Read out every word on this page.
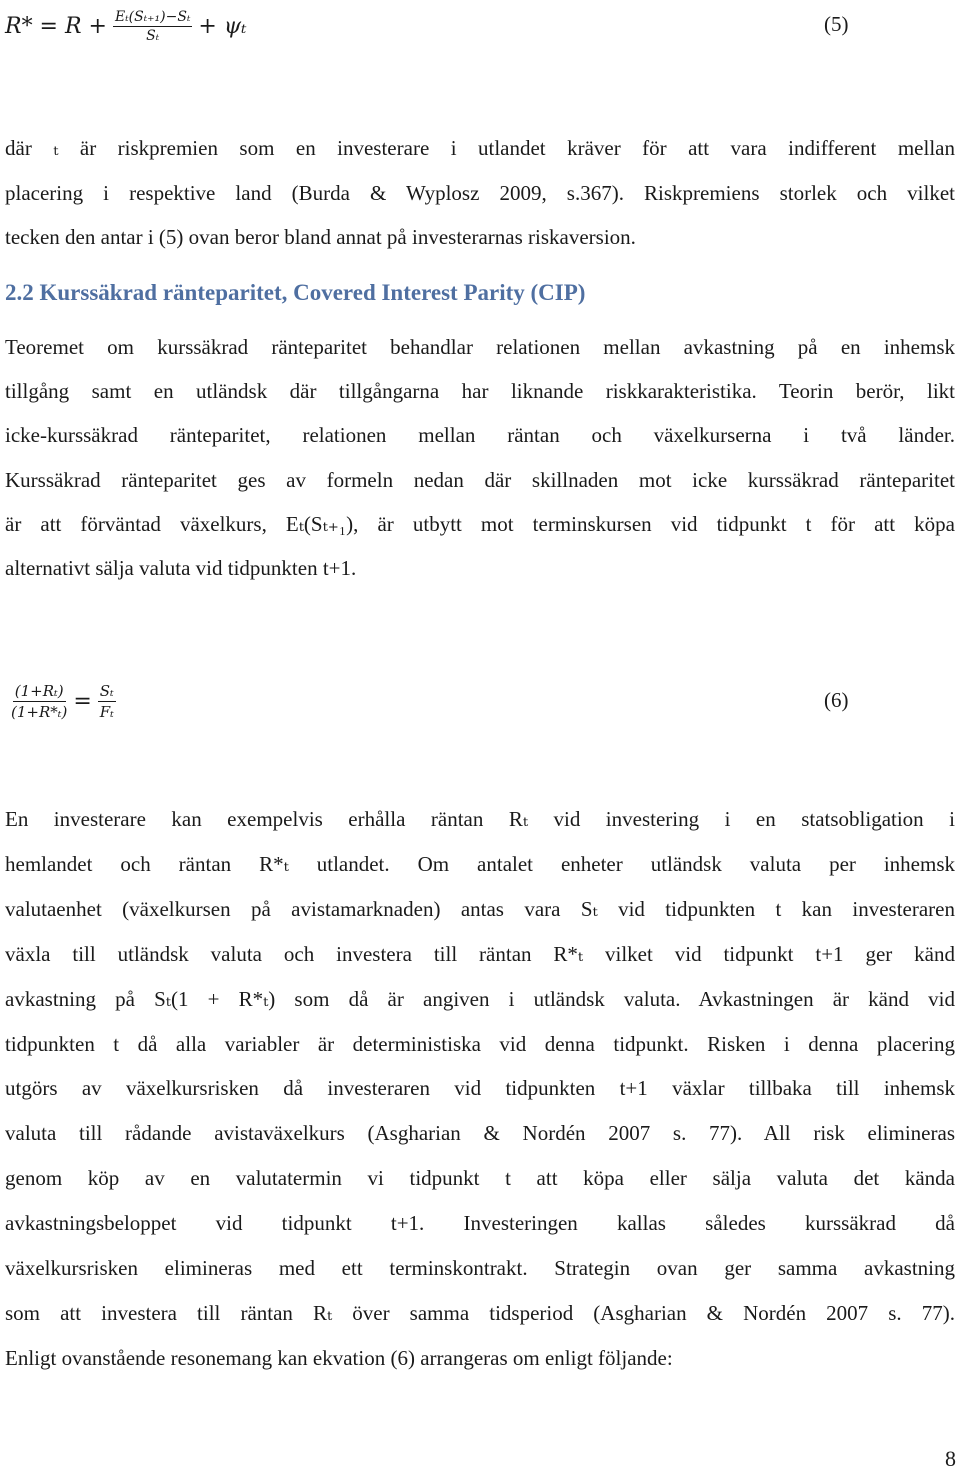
$R* = R + \frac{\text{Eₜ(Sₜ₊₁)−Sₜ}}{\text{Sₜ}} + \psi_t$	(5)

där ₜ är riskpremien som en investerare i utlandet kräver för att vara indifferent mellan

placering i respektive land (Burda & Wyplosz 2009, s.367). Riskpremiens storlek och vilket

tecken den antar i (5) ovan beror bland annat på investerarnas riskaversion.

2.2 Kurssäkrad ränteparitet, Covered Interest Parity (CIP)

Teoremet om kurssäkrad ränteparitet behandlar relationen mellan avkastning på en inhemsk

tillgång samt en utländsk där tillgångarna har liknande riskkarakteristika. Teorin berör, likt

icke-kurssäkrad ränteparitet, relationen mellan räntan och växelkurserna i två länder.

Kurssäkrad ränteparitet ges av formeln nedan där skillnaden mot icke kurssäkrad ränteparitet

är att förväntad växelkurs, Eₜ(Sₜ₊₁), är utbytt mot terminskursen vid tidpunkt t för att köpa

alternativt sälja valuta vid tidpunkten t+1.

$\frac{\text{(1+Rₜ)}}{\text{(1+R*ₜ)}} = \frac{\text{Sₜ}}{\text{Fₜ}}$	(6)

En investerare kan exempelvis erhålla räntan Rₜ vid investering i en statsobligation i

hemlandet och räntan R*ₜ utlandet. Om antalet enheter utländsk valuta per inhemsk

valutaenhet (växelkursen på avistamarknaden) antas vara Sₜ vid tidpunkten t kan investeraren

växla till utländsk valuta och investera till räntan R*ₜ vilket vid tidpunkt t+1 ger känd

avkastning på Sₜ(1 + R*ₜ) som då är angiven i utländsk valuta. Avkastningen är känd vid

tidpunkten t då alla variabler är deterministiska vid denna tidpunkt. Risken i denna placering

utgörs av växelkursrisken då investeraren vid tidpunkten t+1 växlar tillbaka till inhemsk

valuta till rådande avistaväxelkurs (Asgharian & Nordén 2007 s. 77). All risk elimineras

genom köp av en valutatermin vi tidpunkt t att köpa eller sälja valuta det kända

avkastningsbeloppet vid tidpunkt t+1. Investeringen kallas således kurssäkrad då

växelkursrisken elimineras med ett terminskontrakt. Strategin ovan ger samma avkastning

som att investera till räntan Rₜ över samma tidsperiod (Asgharian & Nordén 2007 s. 77).

Enligt ovanstående resonemang kan ekvation (6) arrangeras om enligt följande:

8
